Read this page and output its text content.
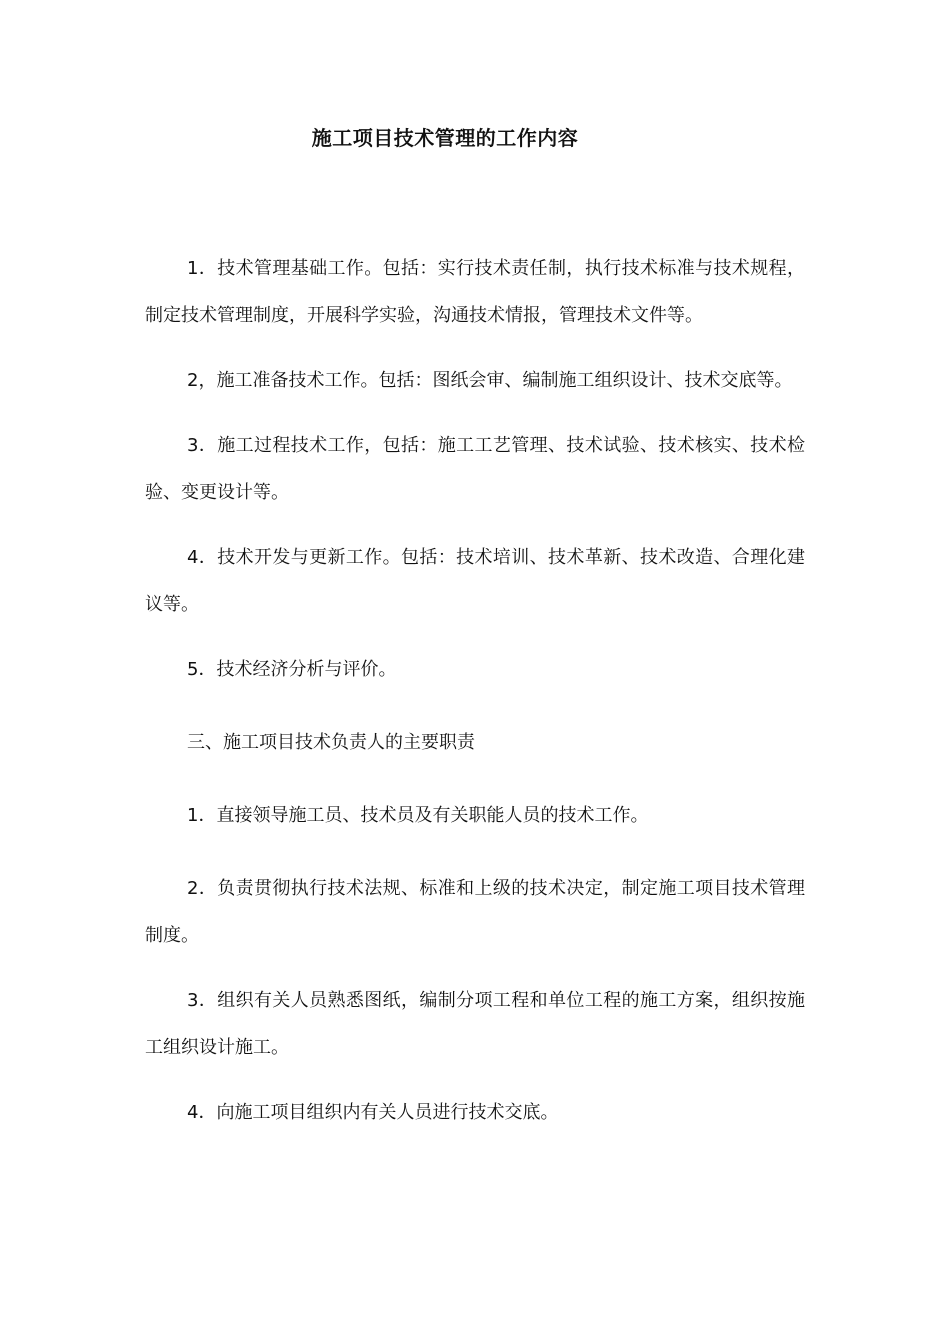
施工项目技术管理的工作内容

1．技术管理基础工作。包括：实行技术责任制，执行技术标准与技术规程，制定技术管理制度，开展科学实验，沟通技术情报，管理技术文件等。

2，施工准备技术工作。包括：图纸会审、编制施工组织设计、技术交底等。

3．施工过程技术工作，包括：施工工艺管理、技术试验、技术核实、技术检验、变更设计等。

4．技术开发与更新工作。包括：技术培训、技术革新、技术改造、合理化建议等。

5．技术经济分析与评价。

三、施工项目技术负责人的主要职责

1．直接领导施工员、技术员及有关职能人员的技术工作。

2．负责贯彻执行技术法规、标准和上级的技术决定，制定施工项目技术管理制度。

3．组织有关人员熟悉图纸，编制分项工程和单位工程的施工方案，组织按施工组织设计施工。

4．向施工项目组织内有关人员进行技术交底。
